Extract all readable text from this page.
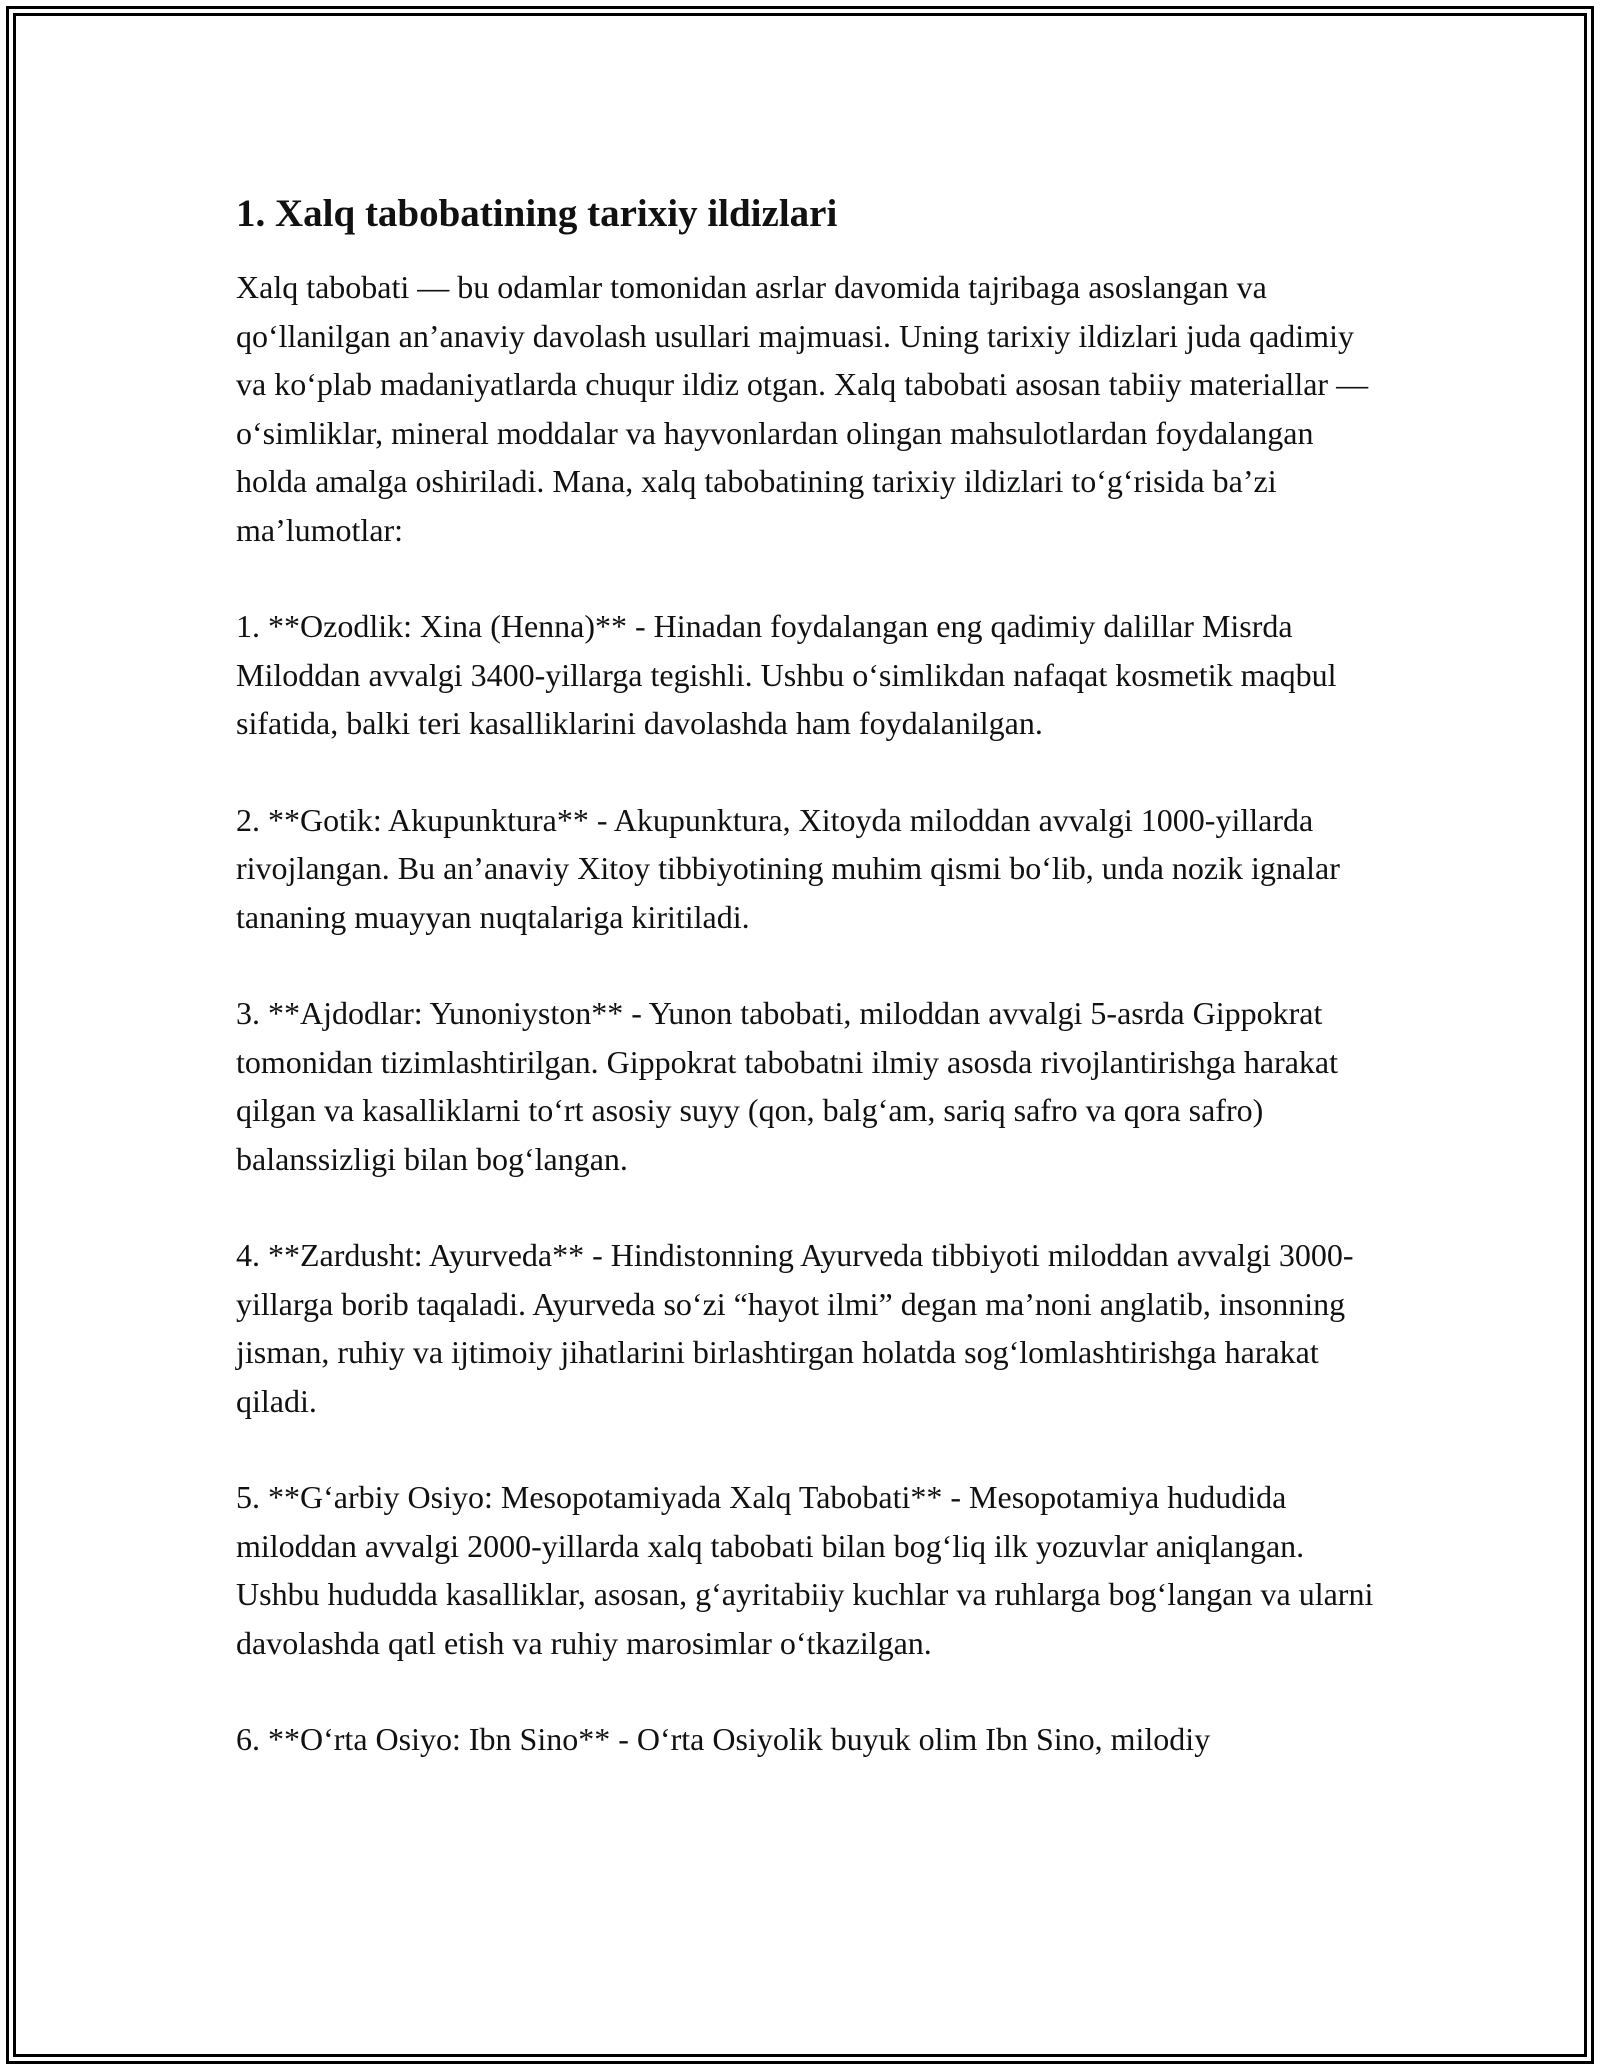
1. Xalq tabobatining tarixiy ildizlari

Xalq tabobati — bu odamlar tomonidan asrlar davomida tajribaga asoslangan va qoʻllanilgan anʼanaviy davolash usullari majmuasi. Uning tarixiy ildizlari juda qadimiy va koʻplab madaniyatlarda chuqur ildiz otgan. Xalq tabobati asosan tabiiy materiallar — oʻsimliklar, mineral moddalar va hayvonlardan olingan mahsulotlardan foydalangan holda amalga oshiriladi. Mana, xalq tabobatining tarixiy ildizlari toʻgʻrisida baʼzi maʼlumotlar:

1. **Ozodlik: Xina (Henna)** - Hinadan foydalangan eng qadimiy dalillar Misrda Miloddan avvalgi 3400-yillarga tegishli. Ushbu oʻsimlikdan nafaqat kosmetik maqbul sifatida, balki teri kasalliklarini davolashda ham foydalanilgan.

2. **Gotik: Akupunktura** - Akupunktura, Xitoyda miloddan avvalgi 1000-yillarda rivojlangan. Bu anʼanaviy Xitoy tibbiyotining muhim qismi boʻlib, unda nozik ignalar tananing muayyan nuqtalariga kiritiladi.

3. **Ajdodlar: Yunoniyston** - Yunon tabobati, miloddan avvalgi 5-asrda Gippokrat tomonidan tizimlashtirilgan. Gippokrat tabobatni ilmiy asosda rivojlantirishga harakat qilgan va kasalliklarni toʻrt asosiy suyy (qon, balgʻam, sariq safro va qora safro) balanssizligi bilan bogʻlangan.

4. **Zardusht: Ayurveda** - Hindistonning Ayurveda tibbiyoti miloddan avvalgi 3000-yillarga borib taqaladi. Ayurveda soʻzi “hayot ilmi” degan maʼnoni anglatib, insonning jisman, ruhiy va ijtimoiy jihatlarini birlashtirgan holatda sogʻlomlashtirishga harakat qiladi.

5. **Gʻarbiy Osiyo: Mesopotamiyada Xalq Tabobati** - Mesopotamiya hududida miloddan avvalgi 2000-yillarda xalq tabobati bilan bogʻliq ilk yozuvlar aniqlangan. Ushbu hududda kasalliklar, asosan, gʻayritabiiy kuchlar va ruhlarga bogʻlangan va ularni davolashda qatl etish va ruhiy marosimlar oʻtkazilgan.

6. **Oʻrta Osiyo: Ibn Sino** - Oʻrta Osiyolik buyuk olim Ibn Sino, milodiy
